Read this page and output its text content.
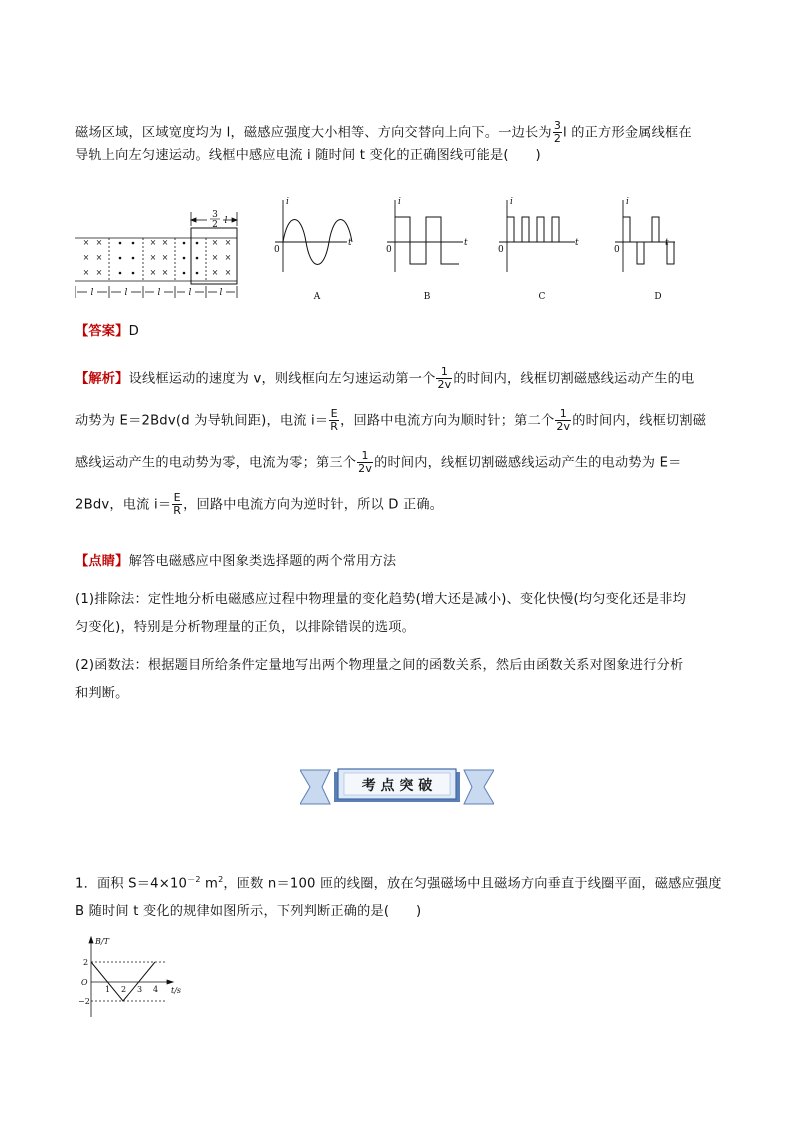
磁场区域，区域宽度均为 l，磁感应强度大小相等、方向交替向上向下。一边长为 $\frac{3}{2}$ l 的正方形金属线框在
导轨上向左匀速运动。线框中感应电流 i 随时间 t 变化的正确图线可能是(　　)
× ×
× ×
× ×
× ×
× ×
× ×
× ×
× ×
× ×
3
2 l
l	l	l	l	l
i
t
i
t
i
t
i
t
0	0	0	0
A	B	C	D
【答案】D
【解析】设线框运动的速度为 v，则线框向左匀速运动第一个 $\frac{1}{2v}$ 的时间内，线框切割磁感线运动产生的电
动势为 E＝2Bdv(d 为导轨间距)，电流 $i= \frac{E}{R}$ ，回路中电流方向为顺时针；第二个 $\frac{1}{2v}$ 的时间内，线框切割磁
感线运动产生的电动势为零，电流为零；第三个 $\frac{1}{2v}$ 的时间内，线框切割磁感线运动产生的电动势为 E＝
2Bdv，电流 $i= \frac{E}{R}$ ，回路中电流方向为逆时针，所以 D 正确。
【点睛】解答电磁感应中图象类选择题的两个常用方法
(1)排除法：定性地分析电磁感应过程中物理量的变化趋势(增大还是减小)、变化快慢(均匀变化还是非均
匀变化)，特别是分析物理量的正负，以排除错误的选项。
(2)函数法：根据题目所给条件定量地写出两个物理量之间的函数关系，然后由函数关系对图象进行分析
和判断。
考 点 突 破
1．面积 $S=4\times 10^{-2}$ $m^2$，匝数 n＝100 匝的线圈，放在匀强磁场中且磁场方向垂直于线圈平面，磁感应强度
B 随时间 t 变化的规律如图所示，下列判断正确的是(　　)
B/T
t/s
O
2
−2
1 2 3 4
